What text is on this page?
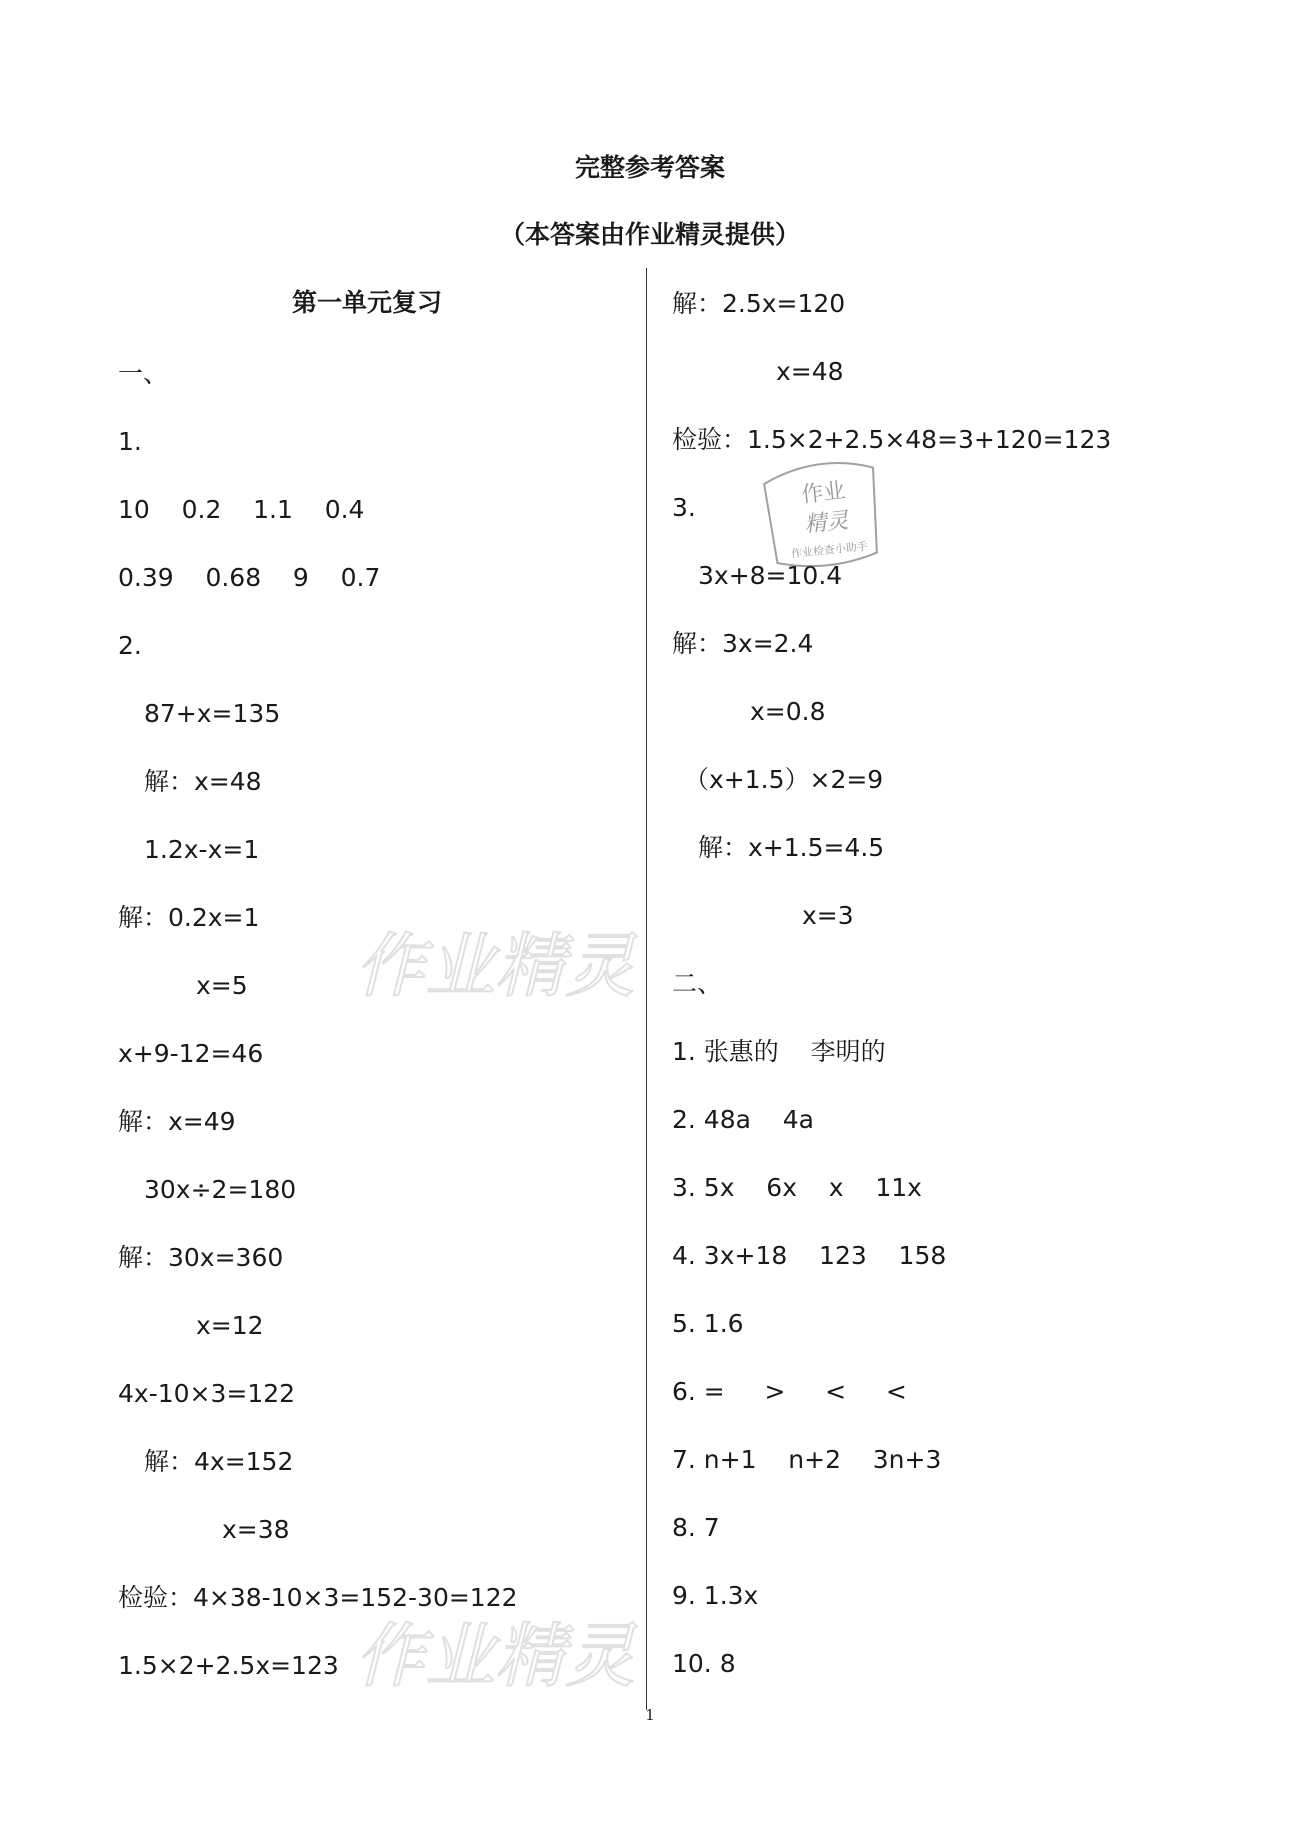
完整参考答案
（本答案由作业精灵提供）
第一单元复习
一、
1.
10    0.2    1.1    0.4
0.39    0.68    9    0.7
2.
87+x=135
解：x=48
1.2x-x=1
解：0.2x=1
x=5
x+9-12=46
解：x=49
30x÷2=180
解：30x=360
x=12
4x-10×3=122
解：4x=152
x=38
检验：4×38-10×3=152-30=122
1.5×2+2.5x=123
解：2.5x=120
x=48
检验：1.5×2+2.5×48=3+120=123
3.
3x+8=10.4
解：3x=2.4
x=0.8
（x+1.5）×2=9
解：x+1.5=4.5
x=3
二、
1. 张惠的    李明的
2. 48a    4a
3. 5x    6x    x    11x
4. 3x+18    123    158
5. 1.6
6. =     >     <     <
7. n+1    n+2    3n+3
8. 7
9. 1.3x
10. 8
作业精灵
作业精灵
作业
精灵
作业检查小助手
1
